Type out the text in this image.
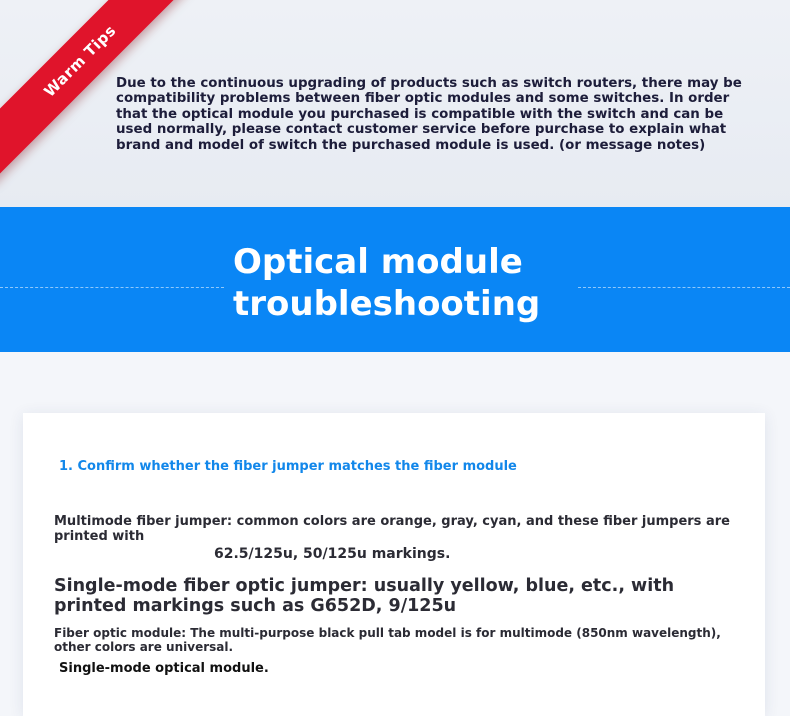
Warm Tips

Due to the continuous upgrading of products such as switch routers, there may be compatibility problems between fiber optic modules and some switches. In order that the optical module you purchased is compatible with the switch and can be used normally, please contact customer service before purchase to explain what brand and model of switch the purchased module is used. (or message notes)

Optical module
troubleshooting
1. Confirm whether the fiber jumper matches the fiber module

Multimode fiber jumper: common colors are orange, gray, cyan, and these fiber jumpers are printed with

62.5/125u, 50/125u markings.

Single-mode fiber optic jumper: usually yellow, blue, etc., with printed markings such as G652D, 9/125u

Fiber optic module: The multi-purpose black pull tab model is for multimode (850nm wavelength), other colors are universal.

Single-mode optical module.
